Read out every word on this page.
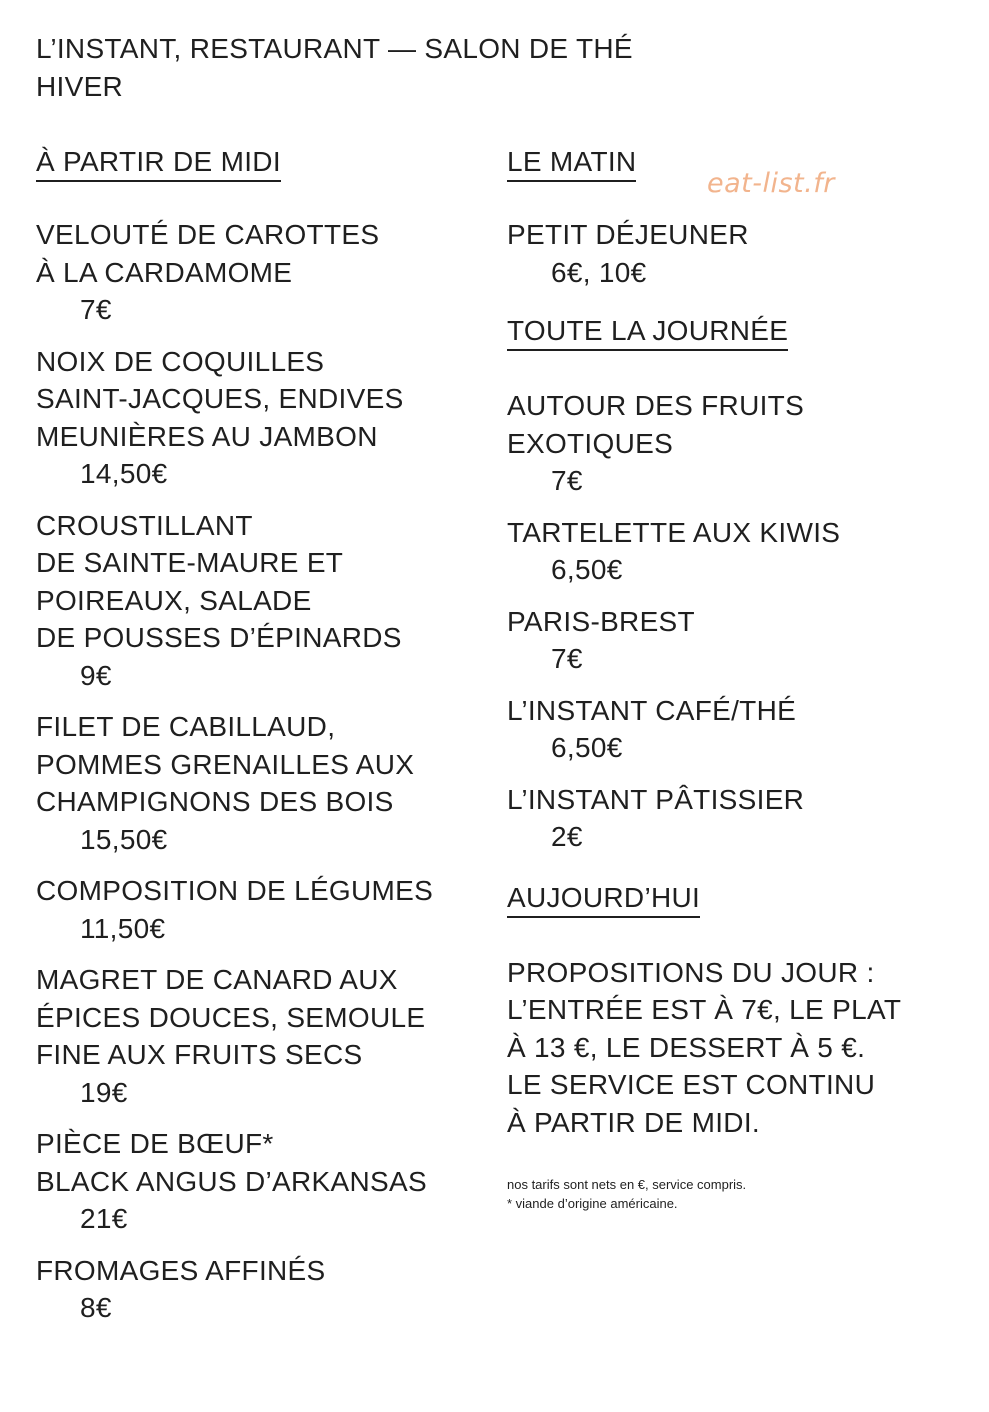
L’INSTANT, RESTAURANT — SALON DE THÉ
HIVER
eat-list.fr
À PARTIR DE MIDI
VELOUTÉ DE CAROTTES
À LA CARDAMOME
7€
NOIX DE COQUILLES
SAINT-JACQUES, ENDIVES
MEUNIÈRES AU JAMBON
14,50€
CROUSTILLANT
DE SAINTE-MAURE ET
POIREAUX, SALADE
DE POUSSES D’ÉPINARDS
9€
FILET DE CABILLAUD,
POMMES GRENAILLES AUX
CHAMPIGNONS DES BOIS
15,50€
COMPOSITION DE LÉGUMES
11,50€
MAGRET DE CANARD AUX
ÉPICES DOUCES, SEMOULE
FINE AUX FRUITS SECS
19€
PIÈCE DE BŒUF*
BLACK ANGUS D’ARKANSAS
21€
FROMAGES AFFINÉS
8€
LE MATIN
PETIT DÉJEUNER
6€, 10€
TOUTE LA JOURNÉE
AUTOUR DES FRUITS
EXOTIQUES
7€
TARTELETTE AUX KIWIS
6,50€
PARIS-BREST
7€
L’INSTANT CAFÉ/THÉ
6,50€
L’INSTANT PÂTISSIER
2€
AUJOURD’HUI
PROPOSITIONS DU JOUR :
L’ENTRÉE EST À 7€, LE PLAT
À 13 €, LE DESSERT À 5 €.
LE SERVICE EST CONTINU
À PARTIR DE MIDI.
nos tarifs sont nets en €, service compris.
* viande d’origine américaine.
